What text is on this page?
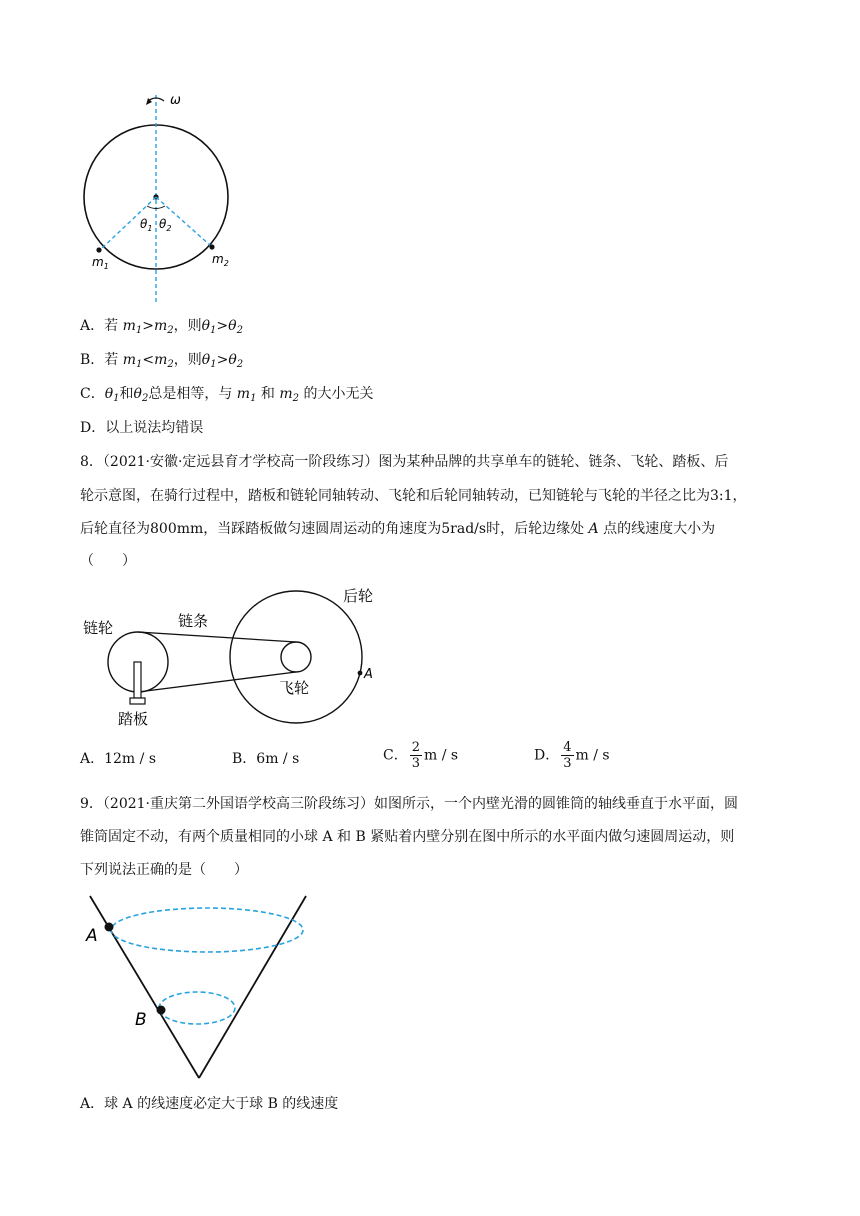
ω
$\theta_1$ $\theta_2$
$m_1$
$m_2$
A．若 $m_1>m_2$，则$\theta_1>\theta_2$
B．若 $m_1<m_2$，则$\theta_1>\theta_2$
C．$\theta_1$和$\theta_2$总是相等，与 $m_1$ 和 $m_2$ 的大小无关
D．以上说法均错误
8．（2021·安徽·定远县育才学校高一阶段练习）图为某种品牌的共享单车的链轮、链条、飞轮、踏板、后
轮示意图，在骑行过程中，踏板和链轮同轴转动、飞轮和后轮同轴转动，已知链轮与飞轮的半径之比为3:1，
后轮直径为800mm，当踩踏板做匀速圆周运动的角速度为5rad/s时，后轮边缘处 A 点的线速度大小为
（　　）
链轮	链条
后轮
飞轮
踏板
A
A．12m / s	B．6m / s	C． $\frac{2}{3}$ m / s	D． $\frac{4}{3}$ m / s
9．（2021·重庆第二外国语学校高三阶段练习）如图所示，一个内壁光滑的圆锥筒的轴线垂直于水平面，圆
锥筒固定不动，有两个质量相同的小球 A 和 B 紧贴着内壁分别在图中所示的水平面内做匀速圆周运动，则
下列说法正确的是（　　）
A
B
A．球 A 的线速度必定大于球 B 的线速度
